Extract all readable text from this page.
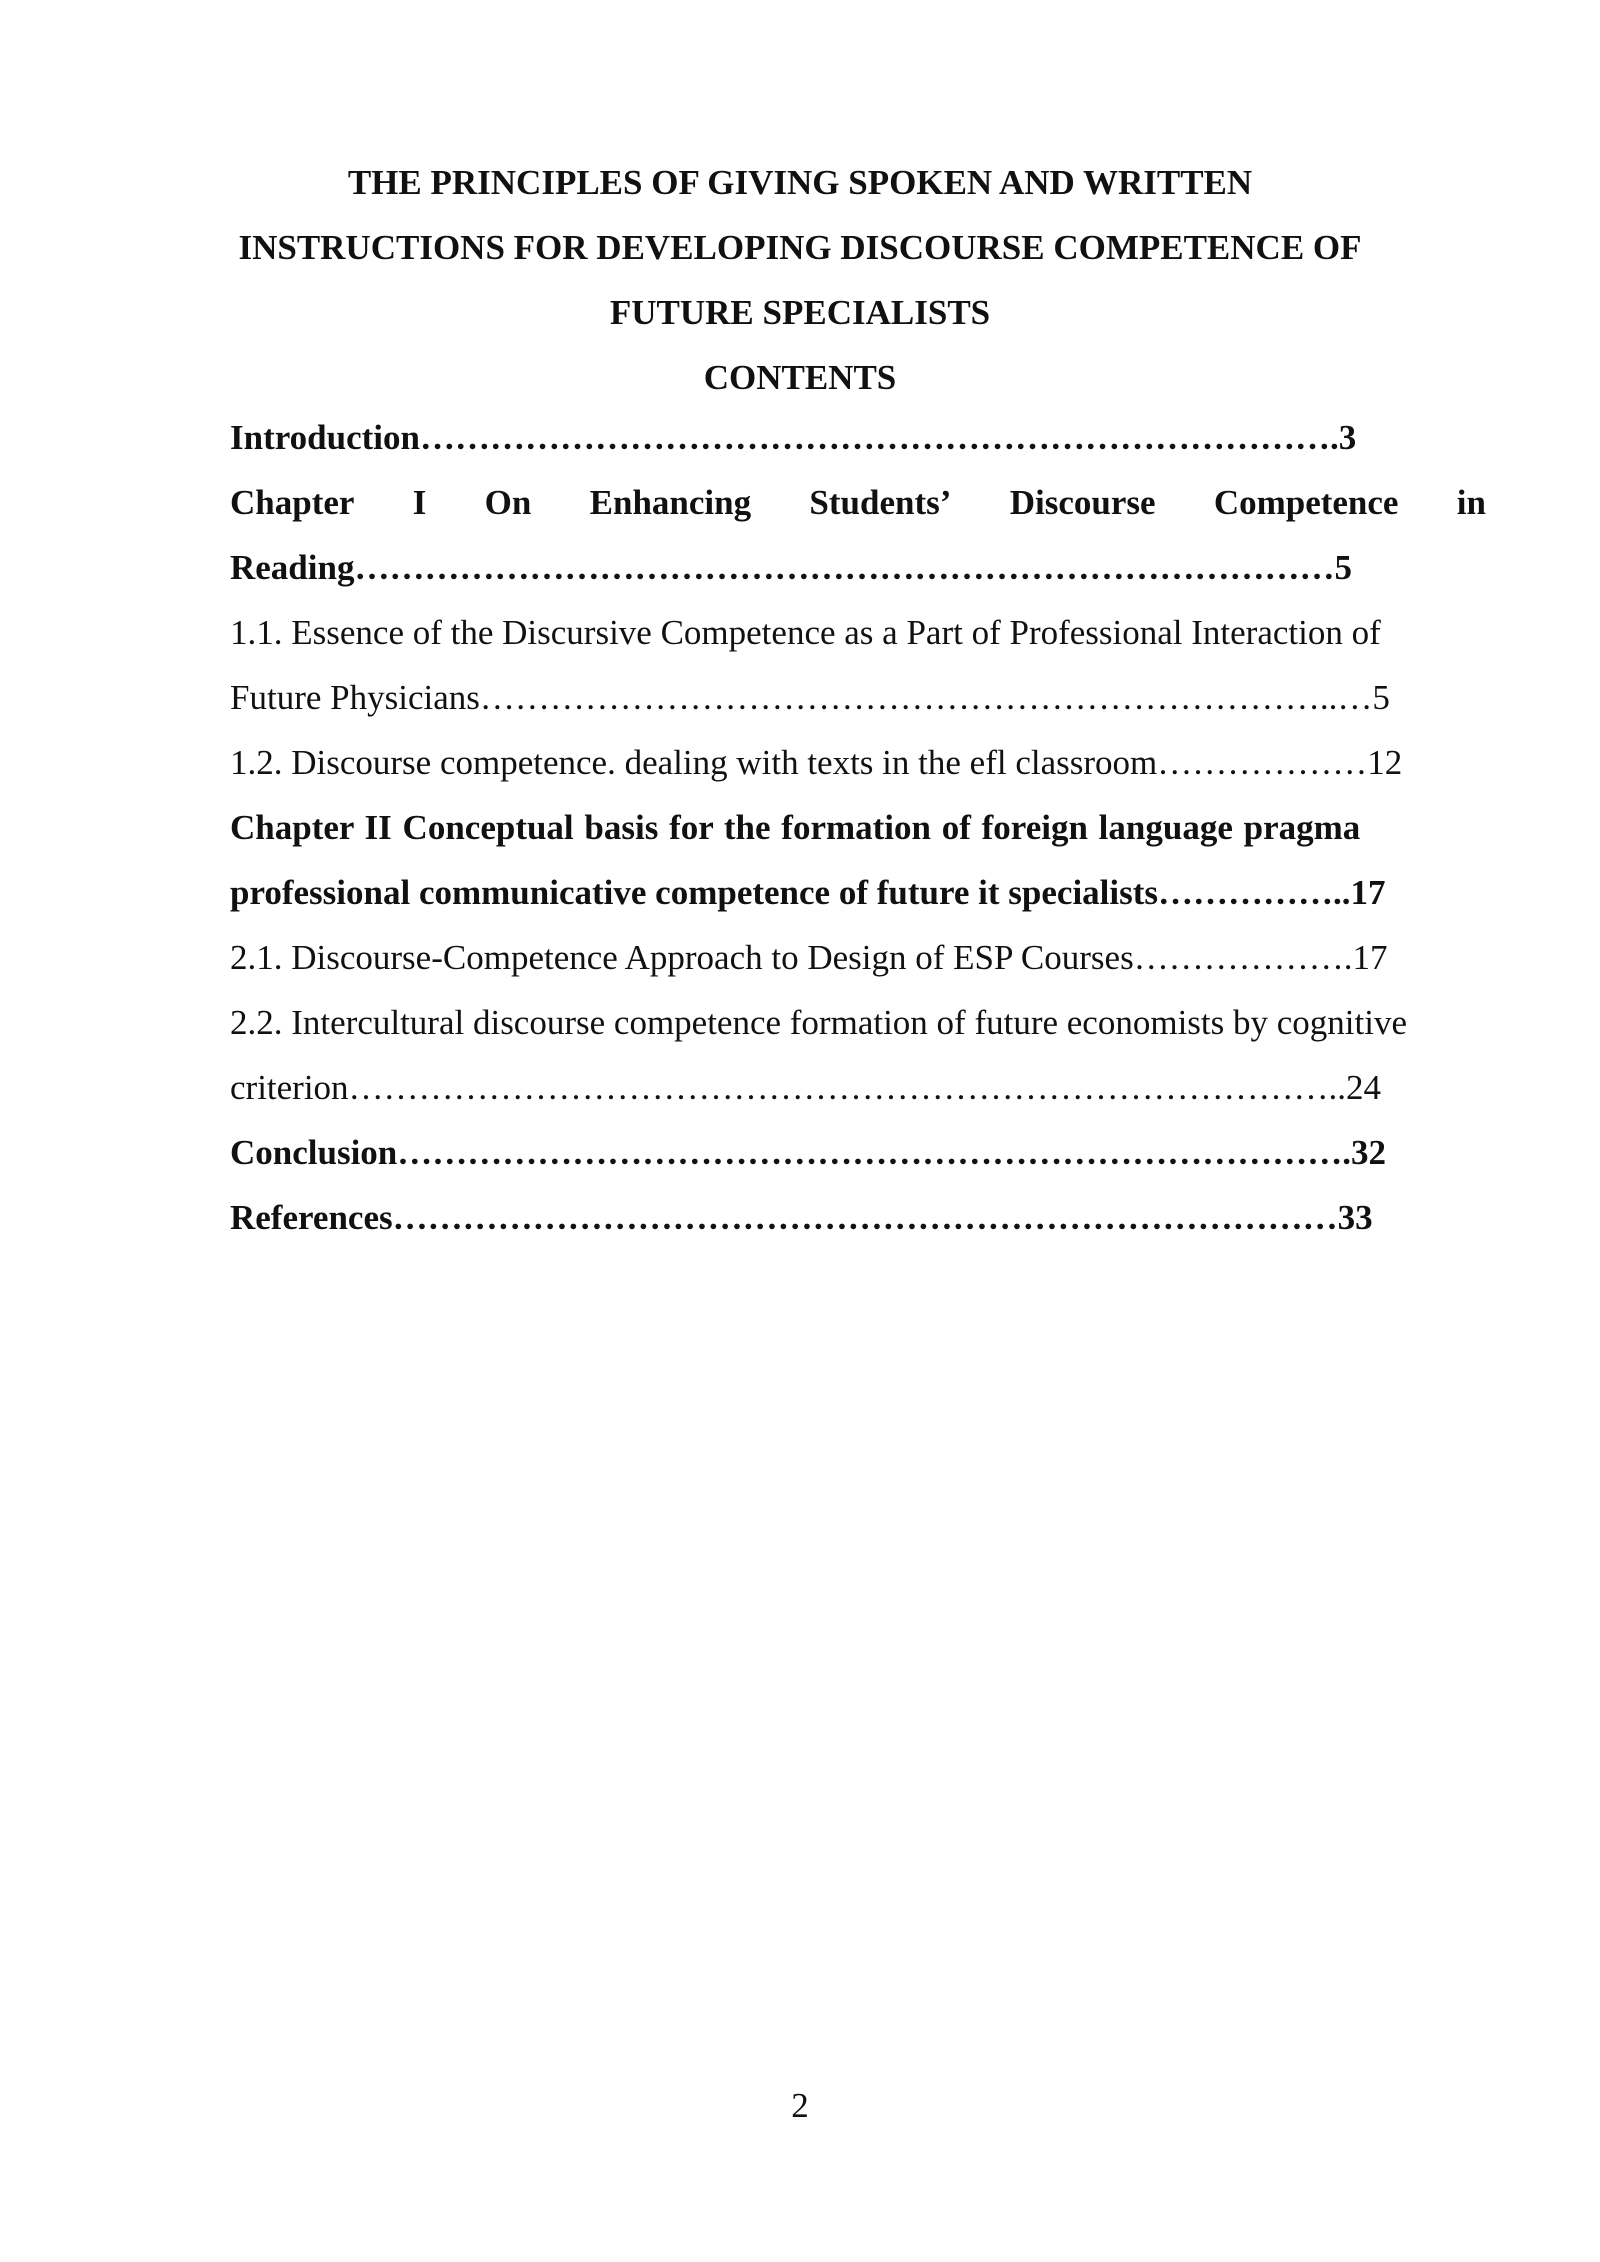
THE PRINCIPLES OF GIVING SPOKEN AND WRITTEN
INSTRUCTIONS FOR DEVELOPING DISCOURSE COMPETENCE OF
FUTURE SPECIALISTS
CONTENTS
Introduction…………………………………………………………………….3
Chapter I On Enhancing Students’ Discourse Competence in
Reading…………………………………………………………………………5
1.1. Essence of the Discursive Competence as a Part of Professional Interaction of
Future Physicians………………………………………………………………..…5
1.2. Discourse competence. dealing with texts in the efl classroom………………12
Chapter II Conceptual basis for the formation of foreign language pragma
professional communicative competence of future it specialists……………..17
2.1. Discourse-Competence Approach to Design of ESP Courses……………….17
2.2. Intercultural discourse competence formation of future economists by cognitive
criterion…………………………………………………………………………..24
Conclusion……………………………………………………………………….32
References………………………………………………………………………33
2
